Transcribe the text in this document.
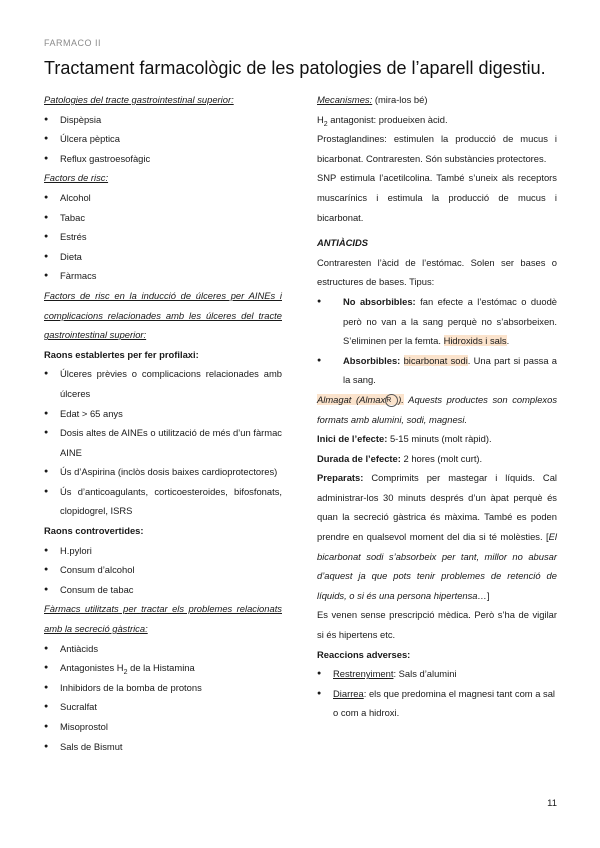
FARMACO II
Tractament farmacològic de les patologies de l’aparell digestiu.

Patologies del tracte gastrointestinal superior:

● Dispèpsia
● Úlcera pèptica
● Reflux gastroesofàgic

Factors de risc:

● Alcohol
● Tabac
● Estrés
● Dieta
● Fàrmacs

Factors de risc en la inducció de úlceres per AINEs i complicacions relacionades amb les úlceres del tracte gastrointestinal superior:

Raons establertes per fer profilaxi:

● Úlceres prèvies o complicacions relacionades amb úlceres
● Edat > 65 anys
● Dosis altes de AINEs o utilització de més d’un fàrmac AINE
● Ús d’Aspirina (inclòs dosis baixes cardioprotectores)
● Ús d’anticoagulants, corticoesteroides, bifosfonats, clopidogrel, ISRS

Raons controvertides:

● H.pylori
● Consum d’alcohol
● Consum de tabac

Fàrmacs utilitzats per tractar els problemes relacionats amb la secreció gàstrica:

● Antiàcids
● Antagonistes $H_2$ de la Histamina
● Inhibidors de la bomba de protons
● Sucralfat
● Misoprostol
● Sals de Bismut

Mecanismes: (mira-los bé)

$H_2$ antagonist: produeixen àcid.

Prostaglandines: estimulen la producció de mucus i bicarbonat. Contraresten. Són substàncies protectores.

SNP estimula l’acetilcolina. També s’uneix als receptors muscarínics i estimula la producció de mucus i bicarbonat.

ANTIÀCIDS

Contraresten l’àcid de l’estómac. Solen ser bases o estructures de bases. Tipus:

● No absorbibles: fan efecte a l’estómac o duodè però no van a la sang perquè no s’absorbeixen. S’eliminen per la femta. Hidroxids i sals.
● Absorbibles: bicarbonat sodi. Una part si passa a la sang.

Almagat (AlmaxR ). Aquests productes son complexos formats amb alumini, sodi, magnesi.

Inici de l’efecte: 5-15 minuts (molt ràpid).

Durada de l’efecte: 2 hores (molt curt).

Preparats: Comprimits per mastegar i líquids. Cal administrar-los 30 minuts després d’un àpat perquè és quan la secreció gàstrica és màxima. També es poden prendre en qualsevol moment del dia si té molèsties. [El bicarbonat sodi s’absorbeix per tant, millor no abusar d’aquest ja que pots tenir problemes de retenció de líquids, o si és una persona hipertensa…]

Es venen sense prescripció mèdica. Però s’ha de vigilar si és hipertens etc.

Reaccions adverses:

● Restrenyiment: Sals d’alumini
● Diarrea: els que predomina el magnesi tant com a sal o com a hidroxi.
11
